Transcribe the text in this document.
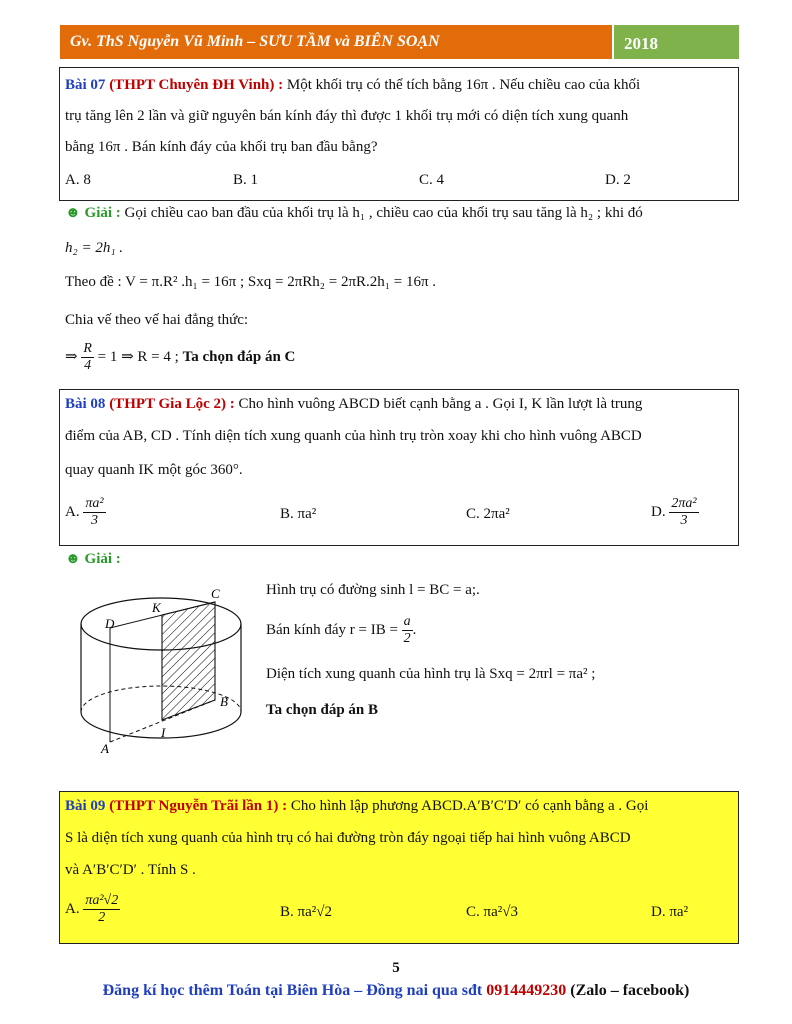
Gv. ThS Nguyễn Vũ Minh – SƯU TẦM và BIÊN SOẠN	2018
Bài 07 (THPT Chuyên ĐH Vinh) : Một khối trụ có thể tích bằng 16π . Nếu chiều cao của khối
trụ tăng lên 2 lần và giữ nguyên bán kính đáy thì được 1 khối trụ mới có diện tích xung quanh
bằng 16π . Bán kính đáy của khối trụ ban đầu bằng?
A. 8	B. 1	C. 4	D. 2
☻ Giải : Gọi chiều cao ban đầu của khối trụ là h₁ , chiều cao của khối trụ sau tăng là h₂ ; khi đó
h₂ = 2h₁ .
Theo đề : V = π.R² .h₁ = 16π ; Sxq = 2πRh₂ = 2πR.2h₁ = 16π .
Chia vế theo vế hai đẳng thức:
⇒ $\frac{R}{4} = 1$ ⇒ R = 4 ; Ta chọn đáp án C
Bài 08 (THPT Gia Lộc 2) : Cho hình vuông ABCD biết cạnh bằng a . Gọi I, K lần lượt là trung
điểm của AB, CD . Tính diện tích xung quanh của hình trụ tròn xoay khi cho hình vuông ABCD
quay quanh IK một góc 360°.
A. $\frac{\text{πa²}}{3}$	B. πa²	C. 2πa²	D. $\frac{\text{2πa²}}{3}$
☻ Giải :
C
K
D
B
I
A
Hình trụ có đường sinh l = BC = a;.
Bán kính đáy r = IB = $\frac{a}{2}$ .
Diện tích xung quanh của hình trụ là Sxq = 2πrl = πa² ;
Ta chọn đáp án B
Bài 09 (THPT Nguyễn Trãi lần 1) : Cho hình lập phương ABCD.A′B′C′D′ có cạnh bằng a . Gọi
S là diện tích xung quanh của hình trụ có hai đường tròn đáy ngoại tiếp hai hình vuông ABCD
và A′B′C′D′ . Tính S .
A. $\frac{\text{πa²√2}}{2}$	B. πa²√2	C. πa²√3	D. πa²
5
Đăng kí học thêm Toán tại Biên Hòa – Đồng nai qua sđt 0914449230 (Zalo – facebook)
